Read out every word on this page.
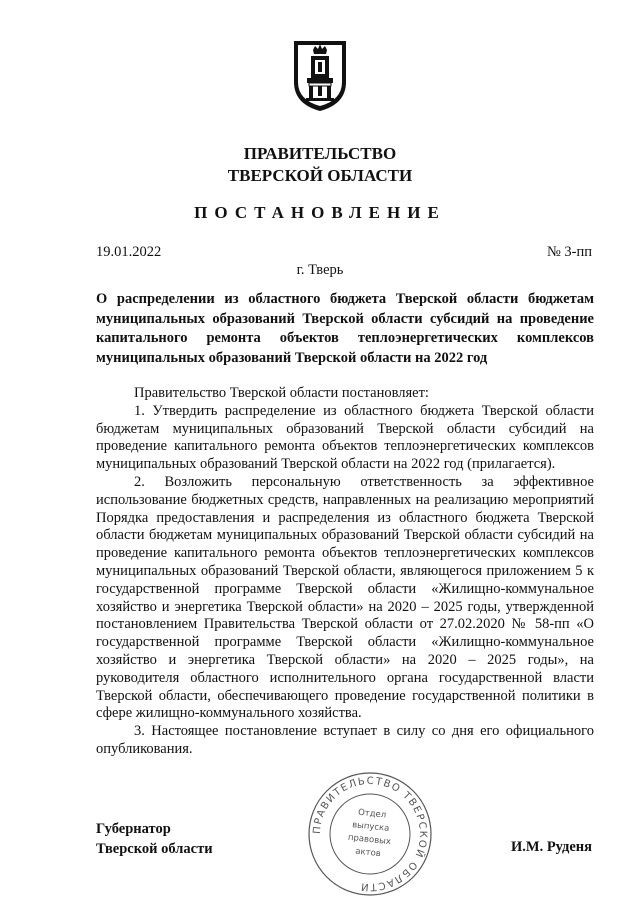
ПРАВИТЕЛЬСТВО
ТВЕРСКОЙ ОБЛАСТИ
ПОСТАНОВЛЕНИЕ
19.01.2022	№ 3-пп
г. Тверь
О распределении из областного бюджета Тверской области бюджетам муниципальных образований Тверской области субсидий на проведение капитального ремонта объектов теплоэнергетических комплексов муниципальных образований Тверской области на 2022 год

Правительство Тверской области постановляет:

1. Утвердить распределение из областного бюджета Тверской области бюджетам муниципальных образований Тверской области субсидий на проведение капитального ремонта объектов теплоэнергетических комплексов муниципальных образований Тверской области на 2022 год (прилагается).

2. Возложить персональную ответственность за эффективное использование бюджетных средств, направленных на реализацию мероприятий Порядка предоставления и распределения из областного бюджета Тверской области бюджетам муниципальных образований Тверской области субсидий на проведение капитального ремонта объектов теплоэнергетических комплексов муниципальных образований Тверской области, являющегося приложением 5 к государственной программе Тверской области «Жилищно-коммунальное хозяйство и энергетика Тверской области» на 2020 – 2025 годы, утвержденной постановлением Правительства Тверской области от 27.02.2020 № 58-пп «О государственной программе Тверской области «Жилищно-коммунальное хозяйство и энергетика Тверской области» на 2020 – 2025 годы», на руководителя областного исполнительного органа государственной власти Тверской области, обеспечивающего проведение государственной политики в сфере жилищно-коммунального хозяйства.

3. Настоящее постановление вступает в силу со дня его официального опубликования.

Губернатор
Тверской области	И.М. Руденя
ПРАВИТЕЛЬСТВО ТВЕРСКОЙ ОБЛАСТИ
Отдел
выпуска
правовых
актов
